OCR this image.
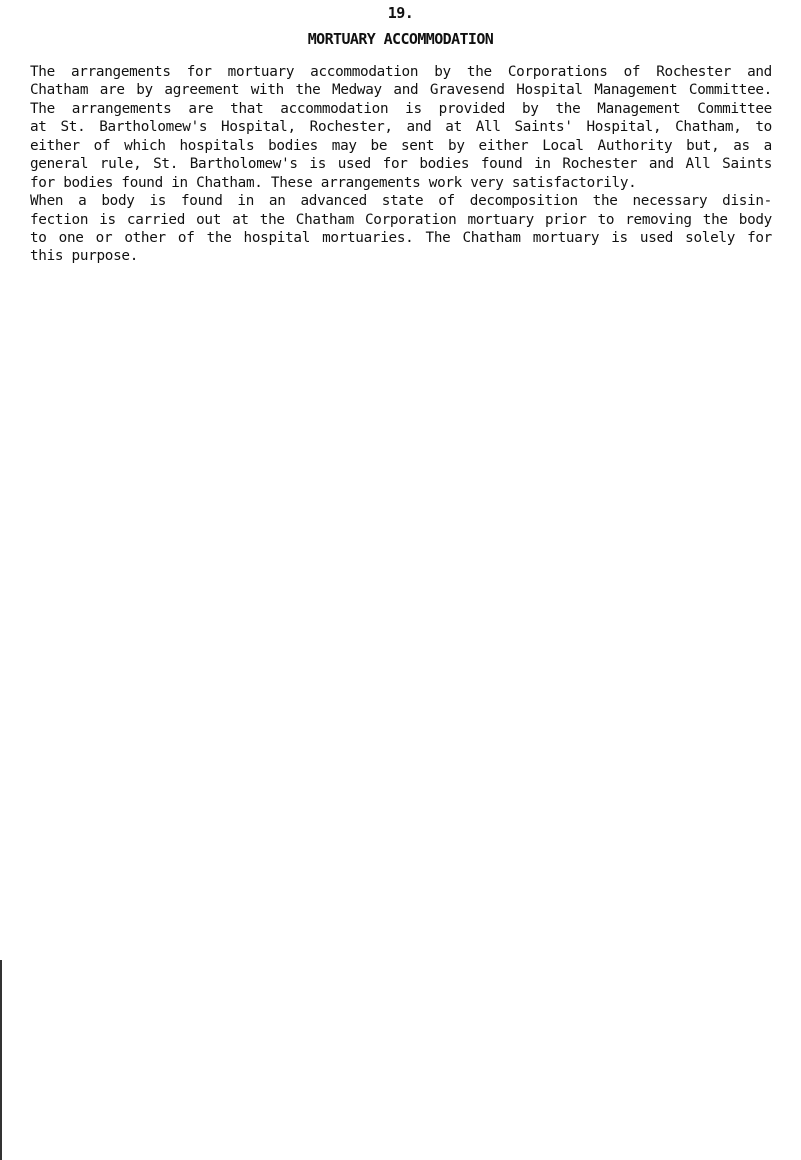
19.
MORTUARY ACCOMMODATION
The arrangements for mortuary accommodation by the Corporations of Rochester and
Chatham are by agreement with the Medway and Gravesend Hospital Management Committee.
The arrangements are that accommodation is provided by the Management Committee
at St. Bartholomew's Hospital, Rochester, and at All Saints' Hospital, Chatham, to
either of which hospitals bodies may be sent by either Local Authority but, as a
general rule, St. Bartholomew's is used for bodies found in Rochester and All Saints
for bodies found in Chatham. These arrangements work very satisfactorily.
When a body is found in an advanced state of decomposition the necessary disin-
fection is carried out at the Chatham Corporation mortuary prior to removing the body
to one or other of the hospital mortuaries. The Chatham mortuary is used solely for
this purpose.
